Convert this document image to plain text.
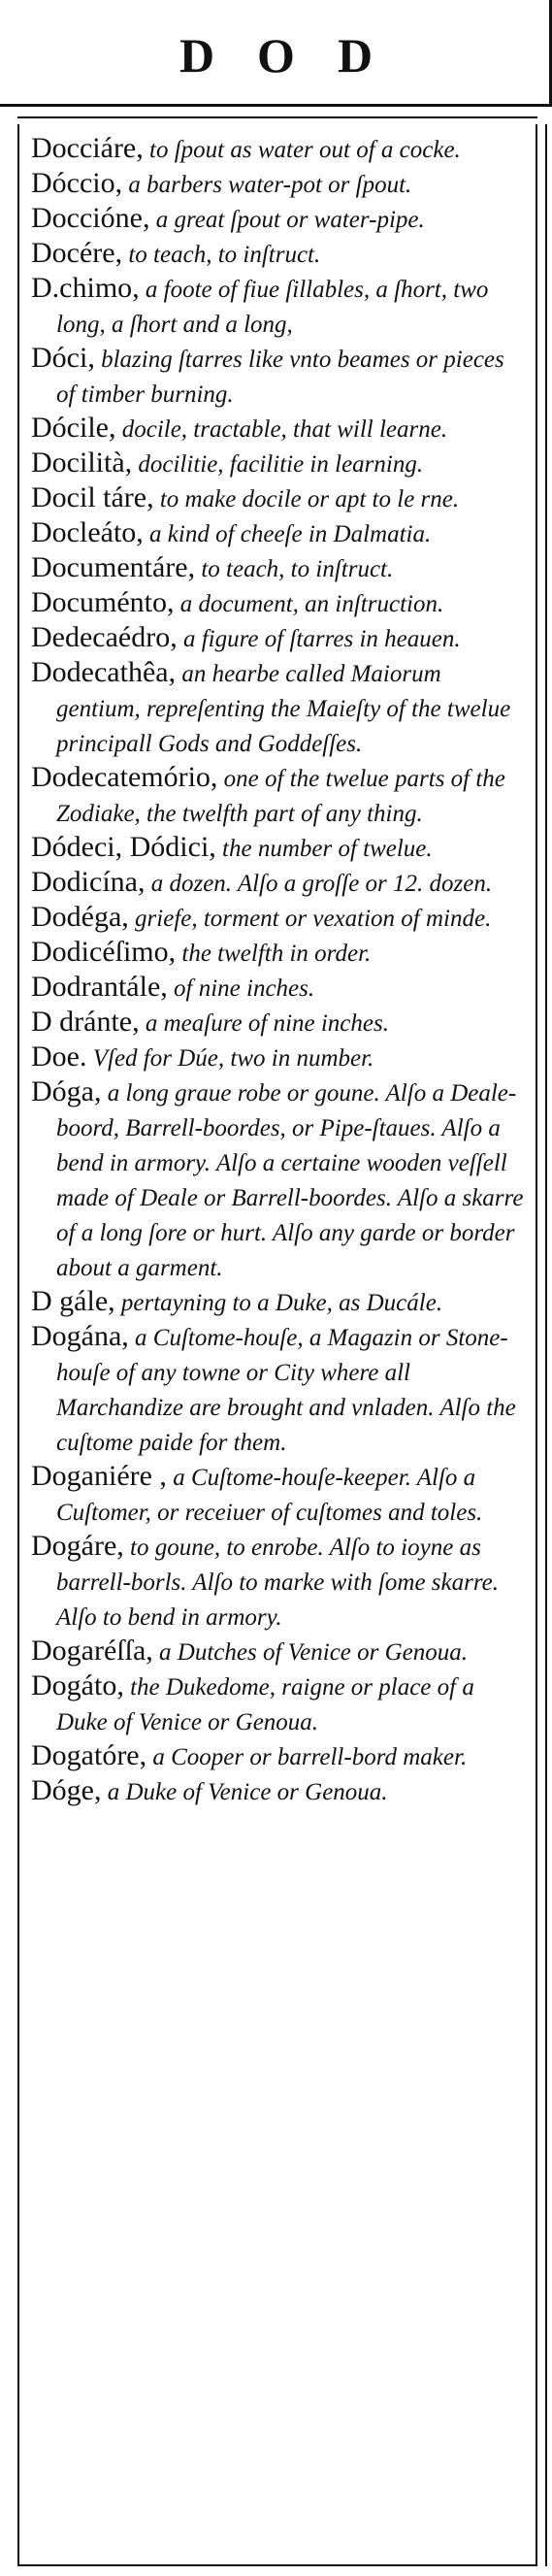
DOD

Docciáre, to ſpout as water out of a cocke.

Dóccio, a barbers water-pot or ſpout.

Doccióne, a great ſpout or water-pipe.

Docére, to teach, to inſtruct.

D.chimo, a foote of fiue ſillables, a ſhort, two long, a ſhort and a long,

Dóci, blazing ſtarres like vnto beames or pieces of timber burning.

Dócile, docile, tractable, that will learne.

Docilità, docilitie, facilitie in learning.

Docil táre, to make docile or apt to le rne.

Docleáto, a kind of cheeſe in Dalmatia.

Documentáre, to teach, to inſtruct.

Documénto, a document, an inſtruction.

Dedecaédro, a figure of ſtarres in heauen.

Dodecathêa, an hearbe called Maiorum gentium, repreſenting the Maieſty of the twelue principall Gods and Goddeſſes.

Dodecatemório, one of the twelue parts of the Zodiake, the twelfth part of any thing.

Dódeci, Dódici, the number of twelue.

Dodicína, a dozen. Alſo a groſſe or 12. dozen.

Dodéga, griefe, torment or vexation of minde.

Dodicéſimo, the twelfth in order.

Dodrantále, of nine inches.

D dránte, a meaſure of nine inches.

Doe. Vſed for Dúe, two in number.

Dóga, a long graue robe or goune. Alſo a Deale-boord, Barrell-boordes, or Pipe-ſtaues. Alſo a bend in armory. Alſo a certaine wooden veſſell made of Deale or Barrell-boordes. Alſo a skarre of a long ſore or hurt. Alſo any garde or border about a garment.

D gále, pertayning to a Duke, as Ducále.

Dogána, a Cuſtome-houſe, a Magazin or Stone-houſe of any towne or City where all Marchandize are brought and vnladen. Alſo the cuſtome paide for them.

Doganiére , a Cuſtome-houſe-keeper. Alſo a Cuſtomer, or receiuer of cuſtomes and toles.

Dogáre, to goune, to enrobe. Alſo to ioyne as barrell-borls. Alſo to marke with ſome skarre. Alſo to bend in armory.

Dogaréſſa, a Dutches of Venice or Genoua.

Dogáto, the Dukedome, raigne or place of a Duke of Venice or Genoua.

Dogatóre, a Cooper or barrell-bord maker.

Dóge, a Duke of Venice or Genoua.
